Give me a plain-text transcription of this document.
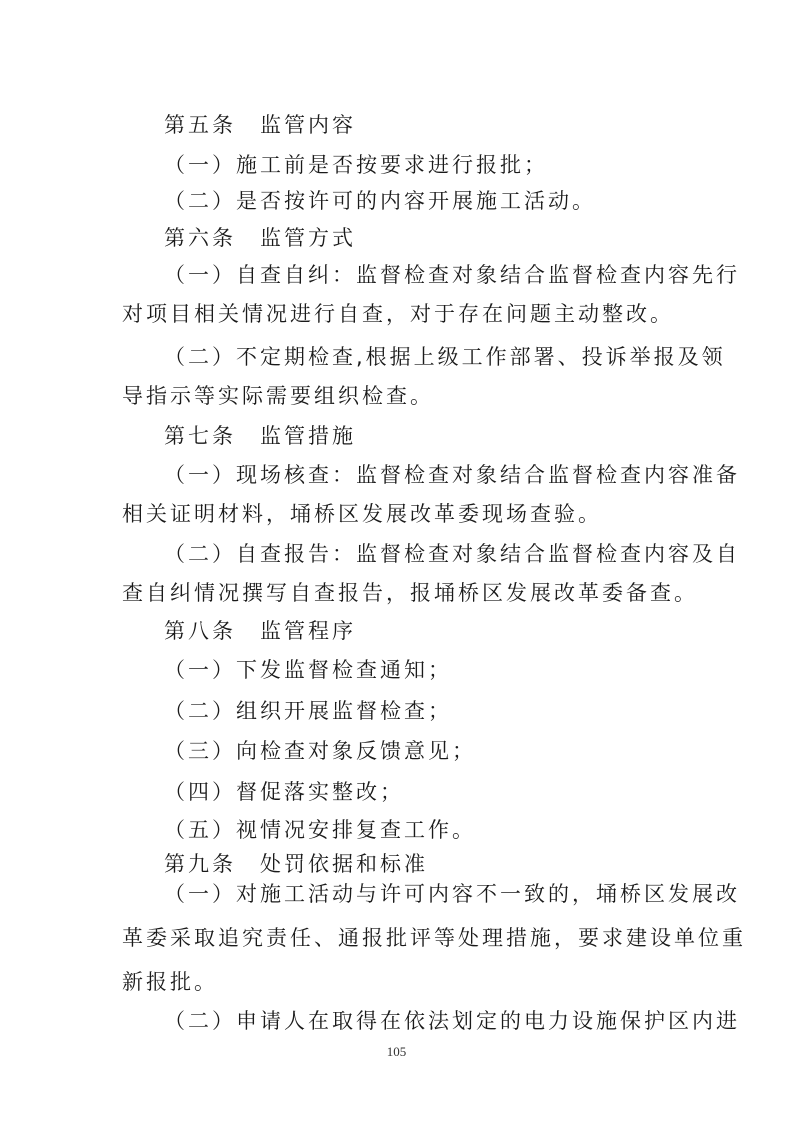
第五条 监管内容
（一）施工前是否按要求进行报批；
（二）是否按许可的内容开展施工活动。
第六条 监管方式
（一）自查自纠：监督检查对象结合监督检查内容先行
对项目相关情况进行自查，对于存在问题主动整改。
（二）不定期检查,根据上级工作部署、投诉举报及领
导指示等实际需要组织检查。
第七条 监管措施
（一）现场核查：监督检查对象结合监督检查内容准备
相关证明材料，埇桥区发展改革委现场查验。
（二）自查报告：监督检查对象结合监督检查内容及自
查自纠情况撰写自查报告，报埇桥区发展改革委备查。
第八条 监管程序
（一）下发监督检查通知；
（二）组织开展监督检查；
（三）向检查对象反馈意见；
（四）督促落实整改；
（五）视情况安排复查工作。
第九条 处罚依据和标准
105
（一）对施工活动与许可内容不一致的，埇桥区发展改
革委采取追究责任、通报批评等处理措施，要求建设单位重
新报批。
（二）申请人在取得在依法划定的电力设施保护区内进
